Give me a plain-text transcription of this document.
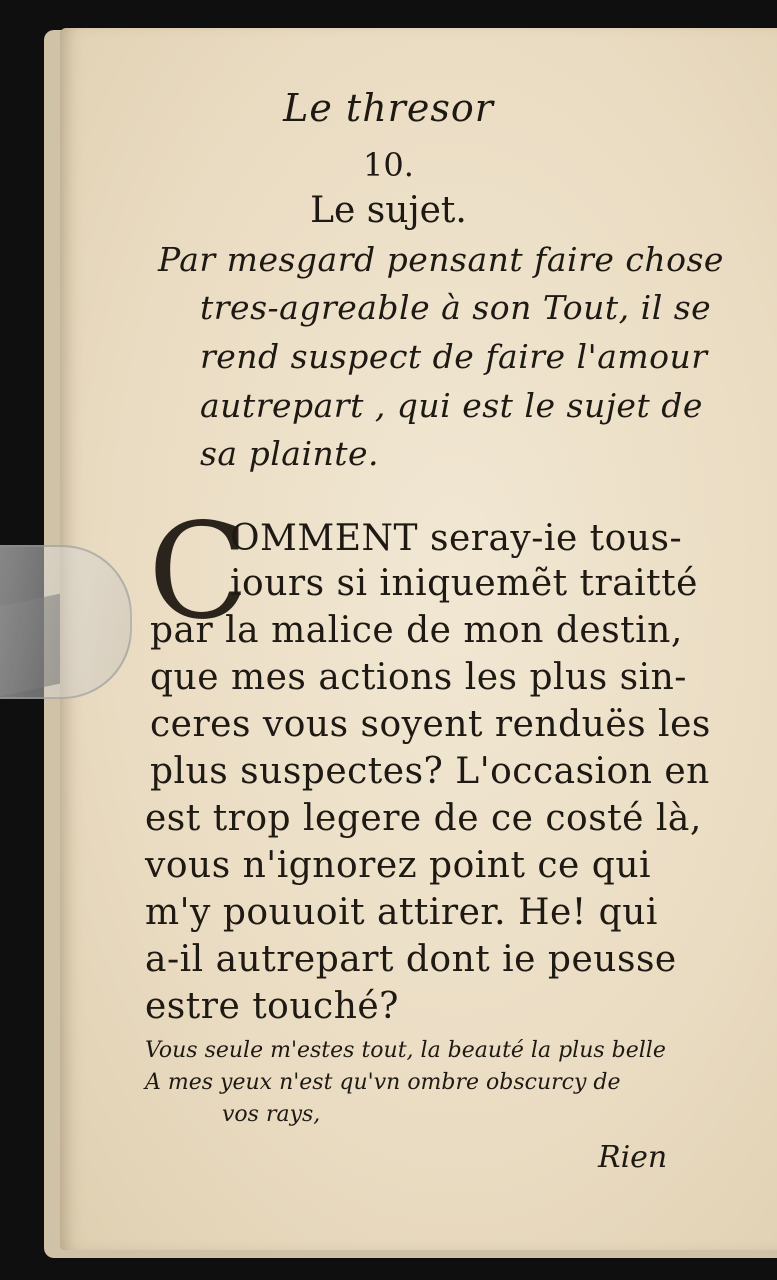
Le thresor
10.
Le sujet.
Par mesgard pensant faire chose
tres-agreable à son Tout, il se
rend suspect de faire l'amour
autrepart , qui est le sujet de
sa plainte.
C
OMMENT seray-ie tous-
iours si iniquemẽt traitté
par la malice de mon destin,
que mes actions les plus sin-
ceres vous soyent renduës les
plus suspectes? L'occasion en
est trop legere de ce costé là,
vous n'ignorez point ce qui
m'y pouuoit attirer. He! qui
a-il autrepart dont ie peusse
estre touché?
Vous seule m'estes tout, la beauté la plus belle
A mes yeux n'est qu'vn ombre obscurcy de
vos rays,
Rien
